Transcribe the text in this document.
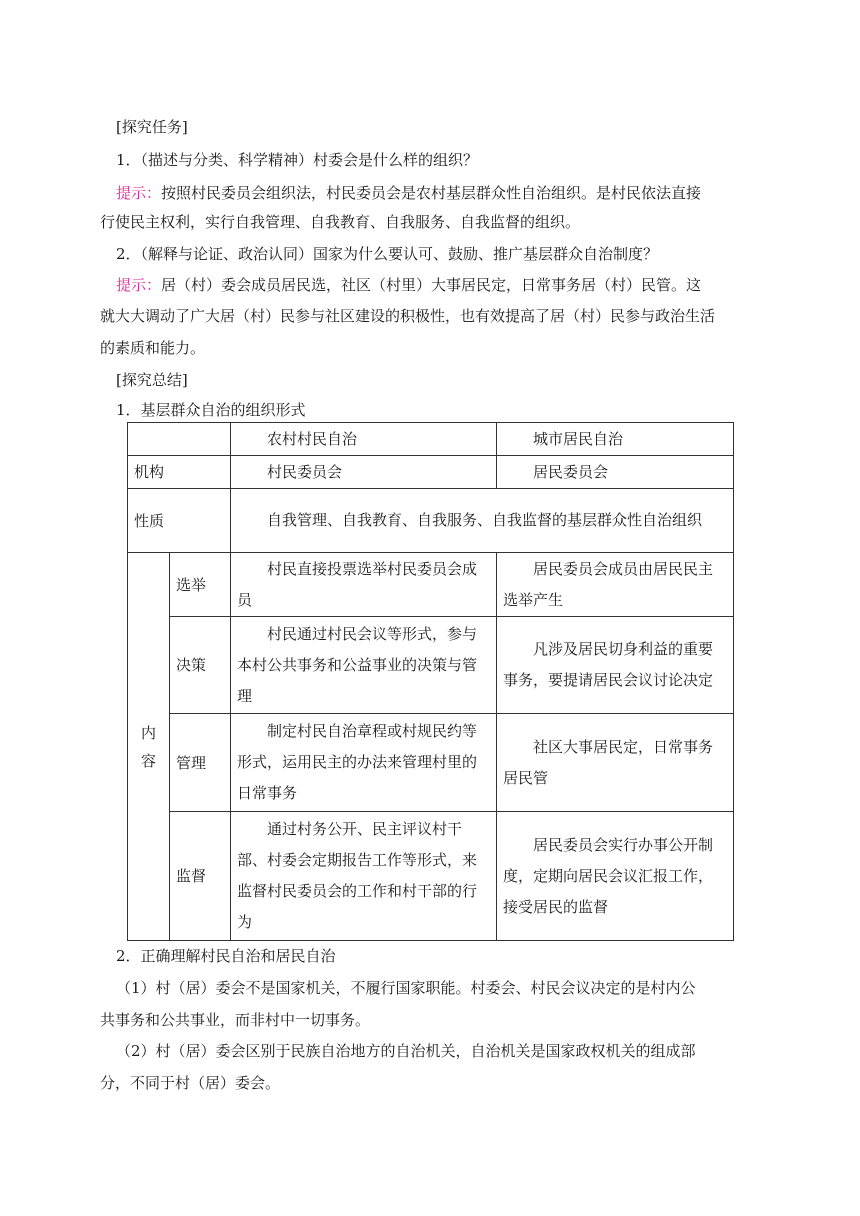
[探究任务]
1．（描述与分类、科学精神）村委会是什么样的组织？
提示：按照村民委员会组织法，村民委员会是农村基层群众性自治组织。是村民依法直接
行使民主权利，实行自我管理、自我教育、自我服务、自我监督的组织。
2．（解释与论证、政治认同）国家为什么要认可、鼓励、推广基层群众自治制度？
提示：居（村）委会成员居民选，社区（村里）大事居民定，日常事务居（村）民管。这
就大大调动了广大居（村）民参与社区建设的积极性，也有效提高了居（村）民参与政治生活
的素质和能力。
[探究总结]
1．基层群众自治的组织形式
		农村村民自治	城市居民自治
机构		村民委员会	居民委员会
性质		自我管理、自我教育、自我服务、自我监督的基层群众性自治组织	

内
容	选举	村民直接投票选举村民委员会成员	居民委员会成员由居民民主选举产生
	决策	村民通过村民会议等形式，参与本村公共事务和公益事业的决策与管理	凡涉及居民切身利益的重要事务，要提请居民会议讨论决定
	管理	制定村民自治章程或村规民约等形式，运用民主的办法来管理村里的日常事务	社区大事居民定，日常事务居民管
	监督	通过村务公开、民主评议村干部、村委会定期报告工作等形式，来监督村民委员会的工作和村干部的行为	居民委员会实行办事公开制度，定期向居民会议汇报工作，接受居民的监督
2．正确理解村民自治和居民自治
（1）村（居）委会不是国家机关，不履行国家职能。村委会、村民会议决定的是村内公
共事务和公共事业，而非村中一切事务。
（2）村（居）委会区别于民族自治地方的自治机关，自治机关是国家政权机关的组成部
分，不同于村（居）委会。
